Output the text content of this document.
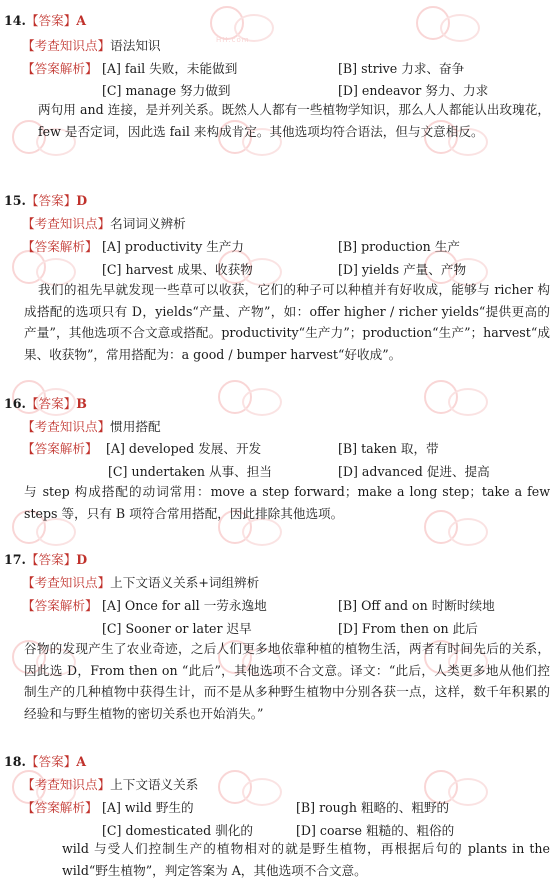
HH.com
14.【答案】A
【考查知识点】语法知识
【答案解析】 [A] fail 失败，未能做到	[B] strive 力求、奋争
[C] manage 努力做到	[D] endeavor 努力、力求
两句用 and 连接，是并列关系。既然人人都有一些植物学知识，那么人人都能认出玫瑰花，few 是否定词，因此选 fail 来构成肯定。其他选项均符合语法，但与文意相反。
15.【答案】D
【考查知识点】名词词义辨析
【答案解析】 [A] productivity 生产力	[B] production 生产
[C] harvest 成果、收获物	[D] yields 产量、产物
我们的祖先早就发现一些草可以收获，它们的种子可以种植并有好收成，能够与 richer 构成搭配的选项只有 D，yields“产量、产物”，如：offer higher / richer yields“提供更高的产量”，其他选项不合文意或搭配。productivity“生产力”；production“生产”；harvest“成果、收获物”，常用搭配为：a good / bumper harvest“好收成”。
16.【答案】B
【考查知识点】惯用搭配
【答案解析】 [A] developed 发展、开发	[B] taken 取，带
[C] undertaken 从事、担当	[D] advanced 促进、提高
与 step 构成搭配的动词常用：move a step forward；make a long step；take a few steps 等，只有 B 项符合常用搭配，因此排除其他选项。
17.【答案】D
【考查知识点】上下文语义关系+词组辨析
【答案解析】 [A] Once for all 一劳永逸地	[B] Off and on 时断时续地
[C] Sooner or later 迟早	[D] From then on 此后
谷物的发现产生了农业奇迹，之后人们更多地依靠种植的植物生活，两者有时间先后的关系，因此选 D，From then on “此后”，其他选项不合文意。译文：“此后，人类更多地从他们控制生产的几种植物中获得生计，而不是从多种野生植物中分别各获一点，这样，数千年积累的经验和与野生植物的密切关系也开始消失。”
18.【答案】A
【考查知识点】上下文语义关系
【答案解析】 [A] wild 野生的	[B] rough 粗略的、粗野的
[C] domesticated 驯化的	[D] coarse 粗糙的、粗俗的
wild 与受人们控制生产的植物相对的就是野生植物，再根据后句的 plants in the wild“野生植物”，判定答案为 A，其他选项不合文意。
